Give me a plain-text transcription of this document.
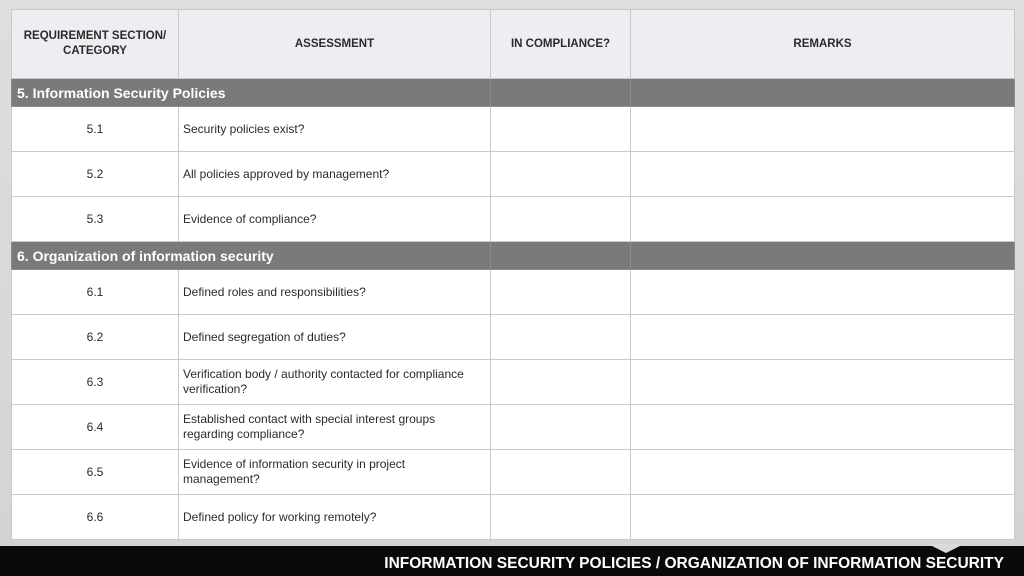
REQUIREMENT SECTION/ CATEGORY	ASSESSMENT	IN COMPLIANCE?	REMARKS
5. Information Security Policies			
5.1	Security policies exist?		
5.2	All policies approved by management?		
5.3	Evidence of compliance?		
6. Organization of information security			
6.1	Defined roles and responsibilities?		
6.2	Defined segregation of duties?		
6.3	Verification body / authority contacted for compliance verification?		
6.4	Established contact with special interest groups regarding compliance?		
6.5	Evidence of information security in project management?		
6.6	Defined policy for working remotely?		
INFORMATION SECURITY POLICIES / ORGANIZATION OF INFORMATION SECURITY
